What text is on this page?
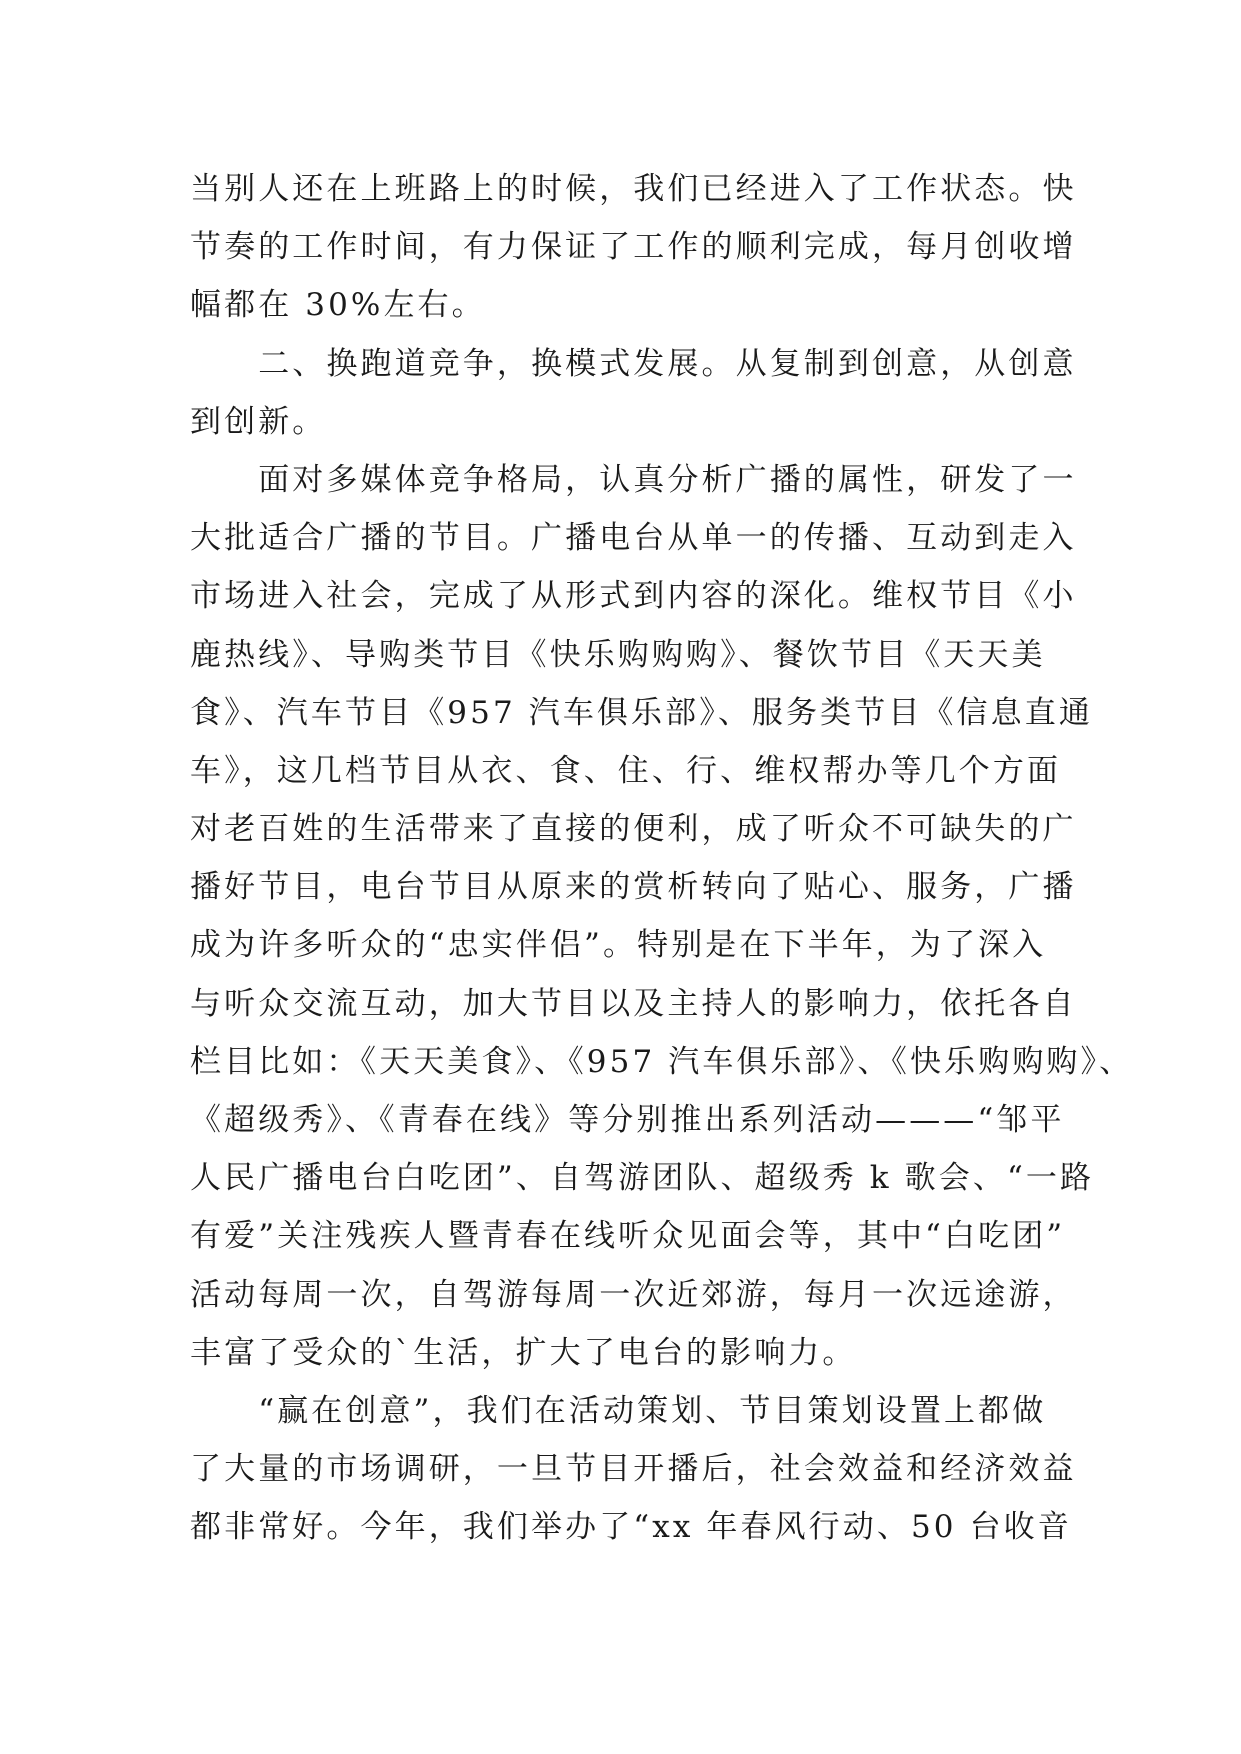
当别人还在上班路上的时候，我们已经进入了工作状态。快
节奏的工作时间，有力保证了工作的顺利完成，每月创收增
幅都在 30%左右。
　　二、换跑道竞争，换模式发展。从复制到创意，从创意
到创新。
　　面对多媒体竞争格局，认真分析广播的属性，研发了一
大批适合广播的节目。广播电台从单一的传播、互动到走入
市场进入社会，完成了从形式到内容的深化。维权节目《小
鹿热线》、导购类节目《快乐购购购》、餐饮节目《天天美
食》、汽车节目《957 汽车俱乐部》、服务类节目《信息直通
车》，这几档节目从衣、食、住、行、维权帮办等几个方面
对老百姓的生活带来了直接的便利，成了听众不可缺失的广
播好节目，电台节目从原来的赏析转向了贴心、服务，广播
成为许多听众的“忠实伴侣”。特别是在下半年，为了深入
与听众交流互动，加大节目以及主持人的影响力，依托各自
栏目比如：《天天美食》、《957 汽车俱乐部》、《快乐购购购》、
《超级秀》、《青春在线》等分别推出系列活动———“邹平
人民广播电台白吃团”、自驾游团队、超级秀 k 歌会、“一路
有爱”关注残疾人暨青春在线听众见面会等，其中“白吃团”
活动每周一次，自驾游每周一次近郊游，每月一次远途游，
丰富了受众的`生活，扩大了电台的影响力。
　　“赢在创意”，我们在活动策划、节目策划设置上都做
了大量的市场调研，一旦节目开播后，社会效益和经济效益
都非常好。今年，我们举办了“xx 年春风行动、50 台收音
